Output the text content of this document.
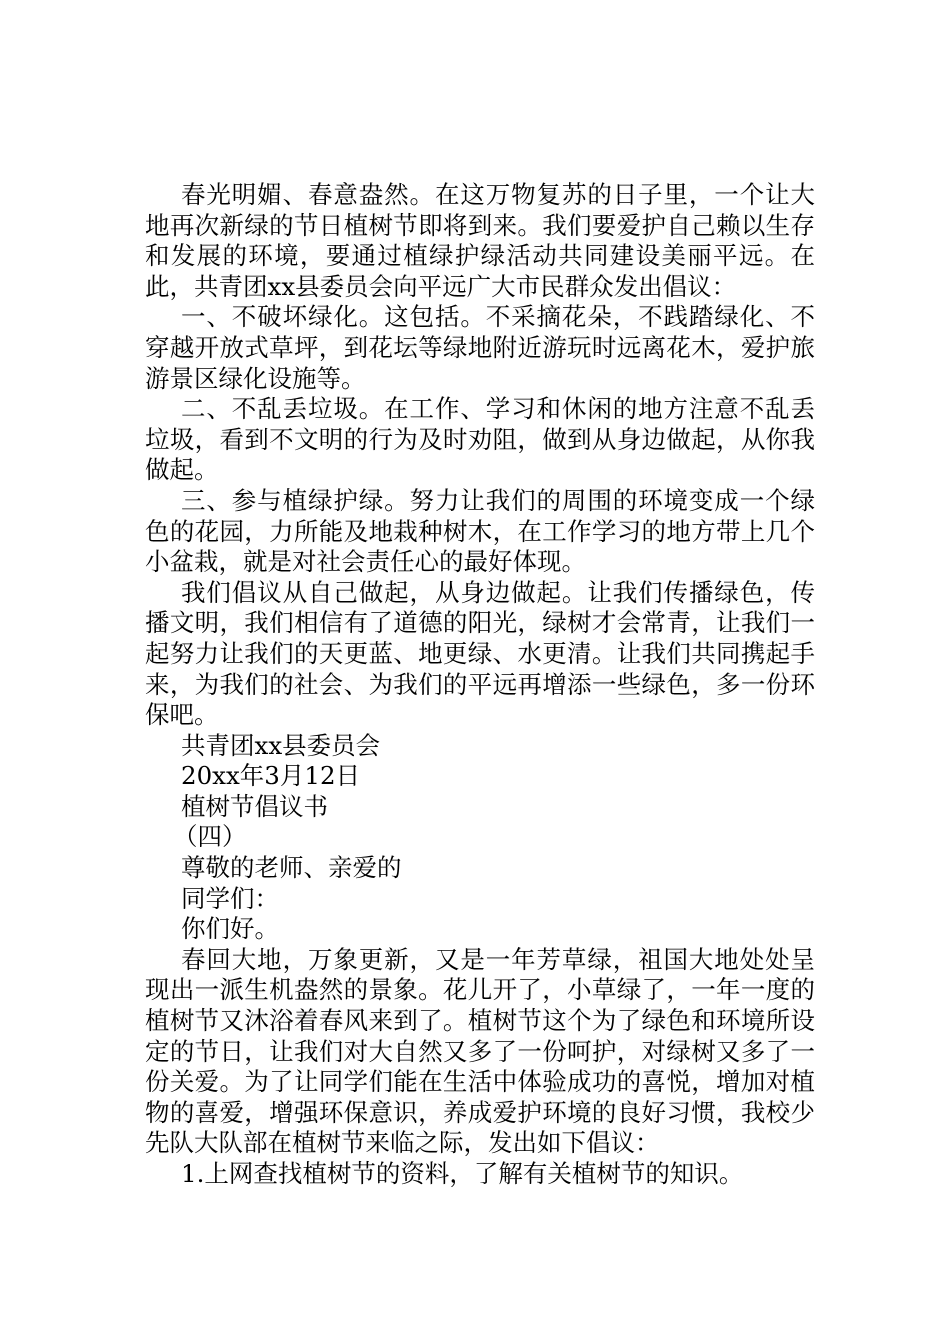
春光明媚、春意盎然。在这万物复苏的日子里，一个让大地再次新绿的节日植树节即将到来。我们要爱护自己赖以生存和发展的环境，要通过植绿护绿活动共同建设美丽平远。在此，共青团xx县委员会向平远广大市民群众发出倡议：

一、不破坏绿化。这包括。不采摘花朵，不践踏绿化、不穿越开放式草坪，到花坛等绿地附近游玩时远离花木，爱护旅游景区绿化设施等。

二、不乱丢垃圾。在工作、学习和休闲的地方注意不乱丢垃圾，看到不文明的行为及时劝阻，做到从身边做起，从你我做起。

三、参与植绿护绿。努力让我们的周围的环境变成一个绿色的花园，力所能及地栽种树木，在工作学习的地方带上几个小盆栽，就是对社会责任心的最好体现。

我们倡议从自己做起，从身边做起。让我们传播绿色，传播文明，我们相信有了道德的阳光，绿树才会常青，让我们一起努力让我们的天更蓝、地更绿、水更清。让我们共同携起手来，为我们的社会、为我们的平远再增添一些绿色，多一份环保吧。

共青团xx县委员会

20xx年3月12日

植树节倡议书

（四）

尊敬的老师、亲爱的

同学们：

你们好。

春回大地，万象更新，又是一年芳草绿，祖国大地处处呈现出一派生机盎然的景象。花儿开了，小草绿了，一年一度的植树节又沐浴着春风来到了。植树节这个为了绿色和环境所设定的节日，让我们对大自然又多了一份呵护，对绿树又多了一份关爱。为了让同学们能在生活中体验成功的喜悦，增加对植物的喜爱，增强环保意识，养成爱护环境的良好习惯，我校少先队大队部在植树节来临之际，发出如下倡议：

1.上网查找植树节的资料，了解有关植树节的知识。
